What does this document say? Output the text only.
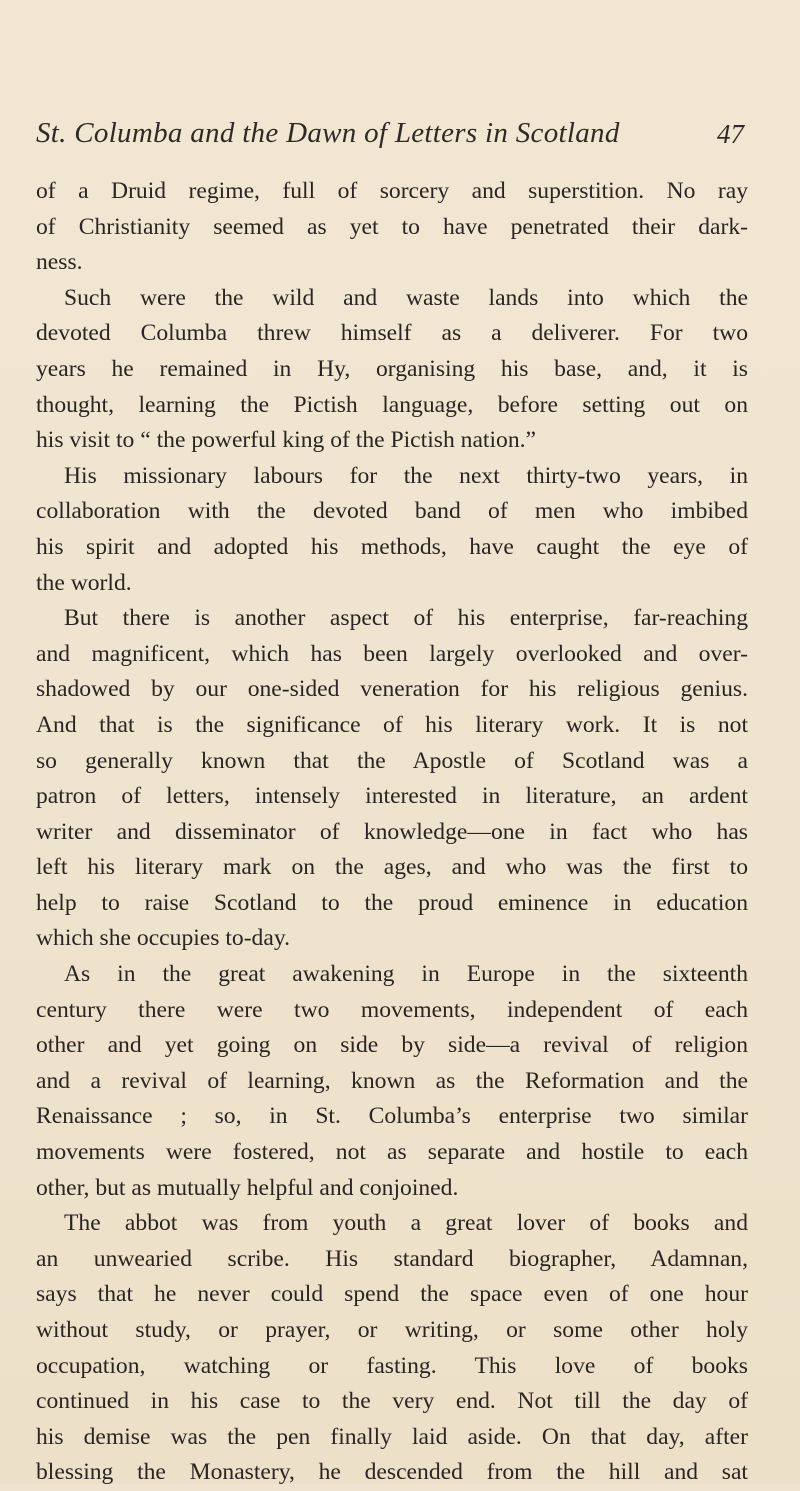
St. Columba and the Dawn of Letters in Scotland	47
of a Druid regime, full of sorcery and superstition. No ray
of Christianity seemed as yet to have penetrated their dark-
ness.
Such were the wild and waste lands into which the
devoted Columba threw himself as a deliverer. For two
years he remained in Hy, organising his base, and, it is
thought, learning the Pictish language, before setting out on
his visit to “ the powerful king of the Pictish nation.”
His missionary labours for the next thirty-two years, in
collaboration with the devoted band of men who imbibed
his spirit and adopted his methods, have caught the eye of
the world.
But there is another aspect of his enterprise, far-reaching
and magnificent, which has been largely overlooked and over-
shadowed by our one-sided veneration for his religious genius.
And that is the significance of his literary work. It is not
so generally known that the Apostle of Scotland was a
patron of letters, intensely interested in literature, an ardent
writer and disseminator of knowledge—one in fact who has
left his literary mark on the ages, and who was the first to
help to raise Scotland to the proud eminence in education
which she occupies to-day.
As in the great awakening in Europe in the sixteenth
century there were two movements, independent of each
other and yet going on side by side—a revival of religion
and a revival of learning, known as the Reformation and the
Renaissance ; so, in St. Columba’s enterprise two similar
movements were fostered, not as separate and hostile to each
other, but as mutually helpful and conjoined.
The abbot was from youth a great lover of books and
an unwearied scribe. His standard biographer, Adamnan,
says that he never could spend the space even of one hour
without study, or prayer, or writing, or some other holy
occupation, watching or fasting. This love of books
continued in his case to the very end. Not till the day of
his demise was the pen finally laid aside. On that day, after
blessing the Monastery, he descended from the hill and sat
